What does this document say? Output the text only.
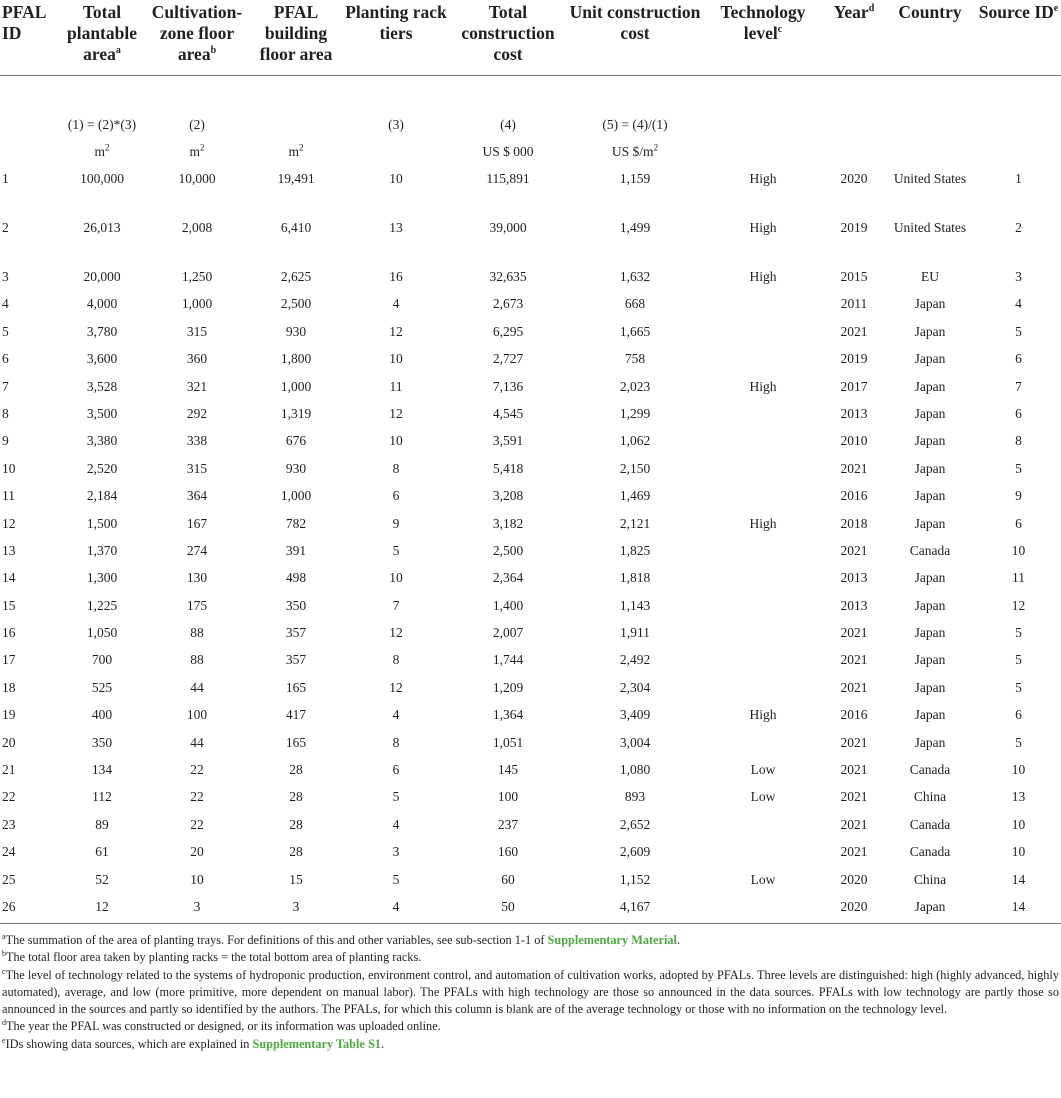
PFAL ID	Total plantable area$^a$	Cultivation-zone floor area$^b$	PFAL building floor area	Planting rack tiers	Total construction cost	Unit construction cost	Technology level$^c$	Year$^d$	Country	Source IDe

	(1) = (2)*(3)	(2)		(3)	(4)	(5) = (4)/(1)				
	$m^2$	$m^2$	$m^2$		US $ 000	US $\$/m^2$				
1	100,000	10,000	19,491	10	115,891	1,159	High	2020	United States	1
2	26,013	2,008	6,410	13	39,000	1,499	High	2019	United States	2
3	20,000	1,250	2,625	16	32,635	1,632	High	2015	EU	3
4	4,000	1,000	2,500	4	2,673	668		2011	Japan	4
5	3,780	315	930	12	6,295	1,665		2021	Japan	5
6	3,600	360	1,800	10	2,727	758		2019	Japan	6
7	3,528	321	1,000	11	7,136	2,023	High	2017	Japan	7
8	3,500	292	1,319	12	4,545	1,299		2013	Japan	6
9	3,380	338	676	10	3,591	1,062		2010	Japan	8
10	2,520	315	930	8	5,418	2,150		2021	Japan	5
11	2,184	364	1,000	6	3,208	1,469		2016	Japan	9
12	1,500	167	782	9	3,182	2,121	High	2018	Japan	6
13	1,370	274	391	5	2,500	1,825		2021	Canada	10
14	1,300	130	498	10	2,364	1,818		2013	Japan	11
15	1,225	175	350	7	1,400	1,143		2013	Japan	12
16	1,050	88	357	12	2,007	1,911		2021	Japan	5
17	700	88	357	8	1,744	2,492		2021	Japan	5
18	525	44	165	12	1,209	2,304		2021	Japan	5
19	400	100	417	4	1,364	3,409	High	2016	Japan	6
20	350	44	165	8	1,051	3,004		2021	Japan	5
21	134	22	28	6	145	1,080	Low	2021	Canada	10
22	112	22	28	5	100	893	Low	2021	China	13
23	89	22	28	4	237	2,652		2021	Canada	10
24	61	20	28	3	160	2,609		2021	Canada	10
25	52	10	15	5	60	1,152	Low	2020	China	14
26	12	3	3	4	50	4,167		2020	Japan	14

$^a$The summation of the area of planting trays. For definitions of this and other variables, see sub-section 1-1 of Supplementary Material.

$^b$The total floor area taken by planting racks = the total bottom area of planting racks.

$^c$The level of technology related to the systems of hydroponic production, environment control, and automation of cultivation works, adopted by PFALs. Three levels are distinguished: high (highly advanced, highly automated), average, and low (more primitive, more dependent on manual labor). The PFALs with high technology are those so announced in the data sources. PFALs with low technology are partly those so announced in the sources and partly so identified by the authors. The PFALs, for which this column is blank are of the average technology or those with no information on the technology level.

$^d$The year the PFAL was constructed or designed, or its information was uploaded online.

$^e$IDs showing data sources, which are explained in Supplementary Table S1.
